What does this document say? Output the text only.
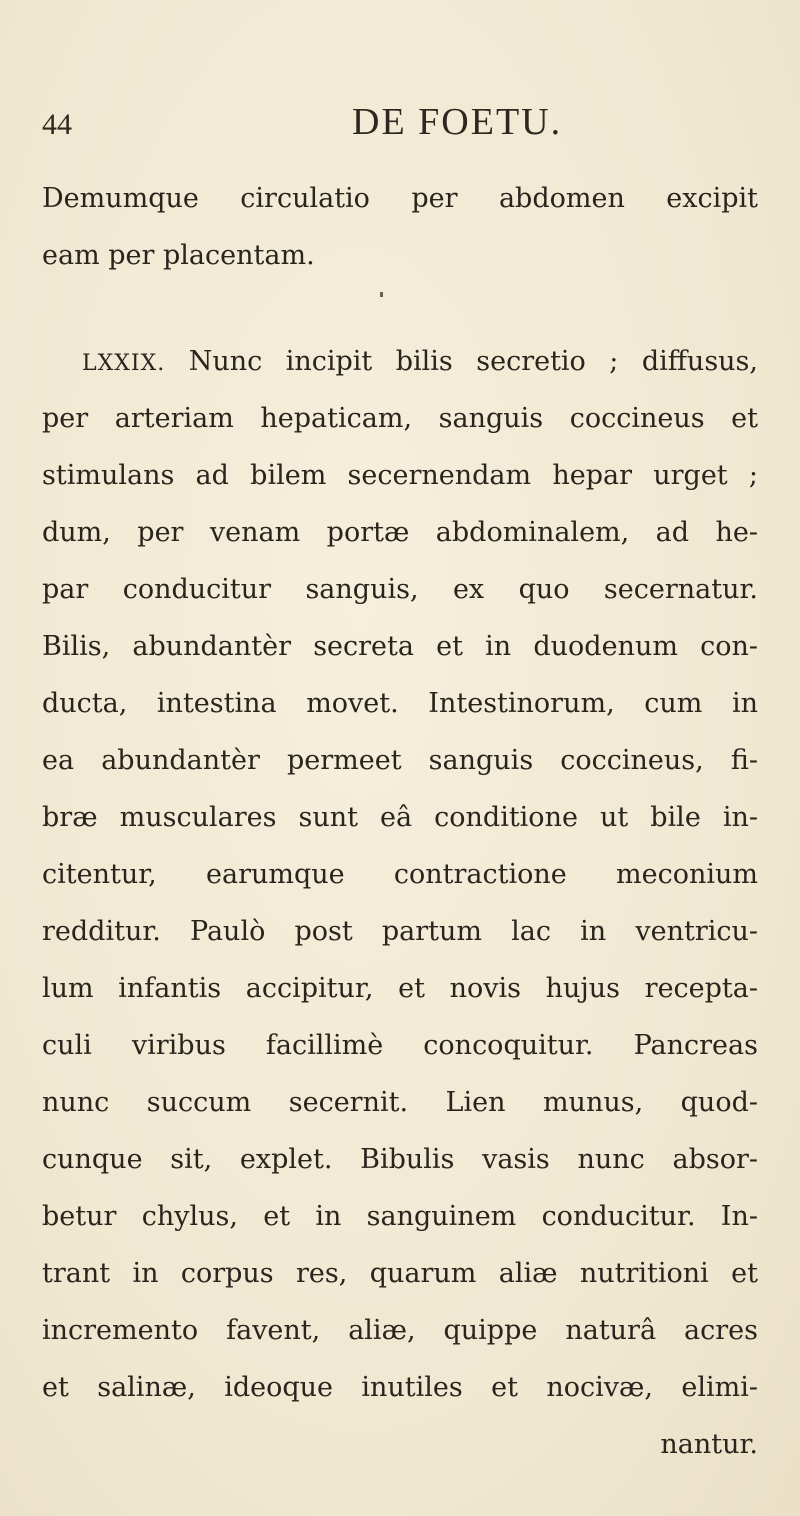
44	DE FOETU.
Demumque circulatio per abdomen excipit
eam per placentam.
LXXIX. Nunc incipit bilis secretio ; diffusus,
per arteriam hepaticam, sanguis coccineus et
stimulans ad bilem secernendam hepar urget ;
dum, per venam portæ abdominalem, ad he-
par conducitur sanguis, ex quo secernatur.
Bilis, abundantèr secreta et in duodenum con-
ducta, intestina movet. Intestinorum, cum in
ea abundantèr permeet sanguis coccineus, fi-
bræ musculares sunt eâ conditione ut bile in-
citentur, earumque contractione meconium
redditur. Paulò post partum lac in ventricu-
lum infantis accipitur, et novis hujus recepta-
culi viribus facillimè concoquitur. Pancreas
nunc succum secernit. Lien munus, quod-
cunque sit, explet. Bibulis vasis nunc absor-
betur chylus, et in sanguinem conducitur. In-
trant in corpus res, quarum aliæ nutritioni et
incremento favent, aliæ, quippe naturâ acres
et salinæ, ideoque inutiles et nocivæ, elimi-
nantur.
